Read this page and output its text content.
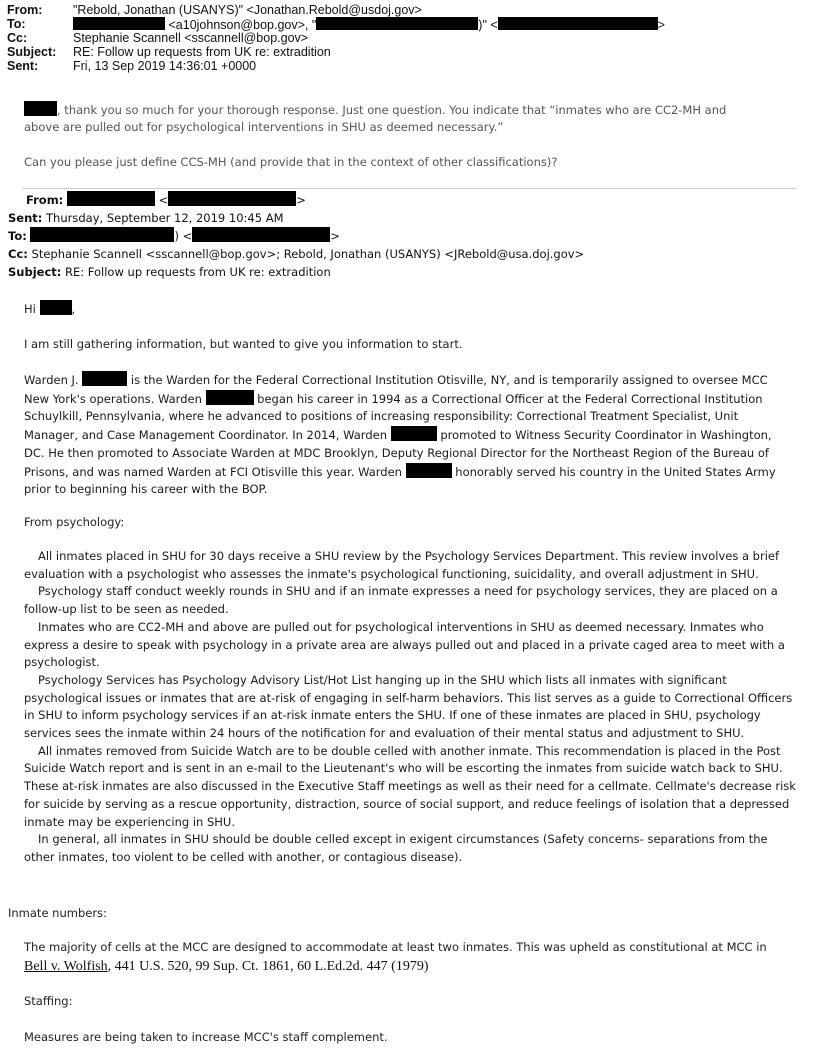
From: "Rebold, Jonathan (USANYS)" <Jonathan.Rebold@usdoj.gov>
To:	<a10johnson@bop.gov>, "	)" <	>
Cc:	Stephanie Scannell <sscannell@bop.gov>
Subject: RE: Follow up requests from UK re: extradition
Sent:	Fri, 13 Sep 2019 14:36:01 +0000
, thank you so much for your thorough response. Just one question. You indicate that “inmates who are CC2-MH and
above are pulled out for psychological interventions in SHU as deemed necessary.”
Can you please just define CCS-MH (and provide that in the context of other classifications)?
From:	<	>
Sent: Thursday, September 12, 2019 10:45 AM
To:	) <	>
Cc: Stephanie Scannell <sscannell@bop.gov>; Rebold, Jonathan (USANYS) <JRebold@usa.doj.gov>
Subject: RE: Follow up requests from UK re: extradition
Hi	,
I am still gathering information, but wanted to give you information to start.
Warden J.	is the Warden for the Federal Correctional Institution Otisville, NY, and is temporarily assigned to oversee MCC
New York's operations. Warden	began his career in 1994 as a Correctional Officer at the Federal Correctional Institution
Schuylkill, Pennsylvania, where he advanced to positions of increasing responsibility: Correctional Treatment Specialist, Unit
Manager, and Case Management Coordinator. In 2014, Warden	promoted to Witness Security Coordinator in Washington,
DC. He then promoted to Associate Warden at MDC Brooklyn, Deputy Regional Director for the Northeast Region of the Bureau of
Prisons, and was named Warden at FCI Otisville this year. Warden	honorably served his country in the United States Army
prior to beginning his career with the BOP.
From psychology:

All inmates placed in SHU for 30 days receive a SHU review by the Psychology Services Department. This review involves a brief evaluation with a psychologist who assesses the inmate's psychological functioning, suicidality, and overall adjustment in SHU.

Psychology staff conduct weekly rounds in SHU and if an inmate expresses a need for psychology services, they are placed on a follow-up list to be seen as needed.

Inmates who are CC2-MH and above are pulled out for psychological interventions in SHU as deemed necessary. Inmates who express a desire to speak with psychology in a private area are always pulled out and placed in a private caged area to meet with a psychologist.

Psychology Services has Psychology Advisory List/Hot List hanging up in the SHU which lists all inmates with significant psychological issues or inmates that are at-risk of engaging in self-harm behaviors. This list serves as a guide to Correctional Officers in SHU to inform psychology services if an at-risk inmate enters the SHU. If one of these inmates are placed in SHU, psychology services sees the inmate within 24 hours of the notification for and evaluation of their mental status and adjustment to SHU.

All inmates removed from Suicide Watch are to be double celled with another inmate. This recommendation is placed in the Post Suicide Watch report and is sent in an e-mail to the Lieutenant's who will be escorting the inmates from suicide watch back to SHU. These at-risk inmates are also discussed in the Executive Staff meetings as well as their need for a cellmate. Cellmate's decrease risk for suicide by serving as a rescue opportunity, distraction, source of social support, and reduce feelings of isolation that a depressed inmate may be experiencing in SHU.

In general, all inmates in SHU should be double celled except in exigent circumstances (Safety concerns- separations from the other inmates, too violent to be celled with another, or contagious disease).

Inmate numbers:
The majority of cells at the MCC are designed to accommodate at least two inmates. This was upheld as constitutional at MCC in
Bell v. Wolfish, 441 U.S. 520, 99 Sup. Ct. 1861, 60 L.Ed.2d. 447 (1979)
Staffing:
Measures are being taken to increase MCC's staff complement.
